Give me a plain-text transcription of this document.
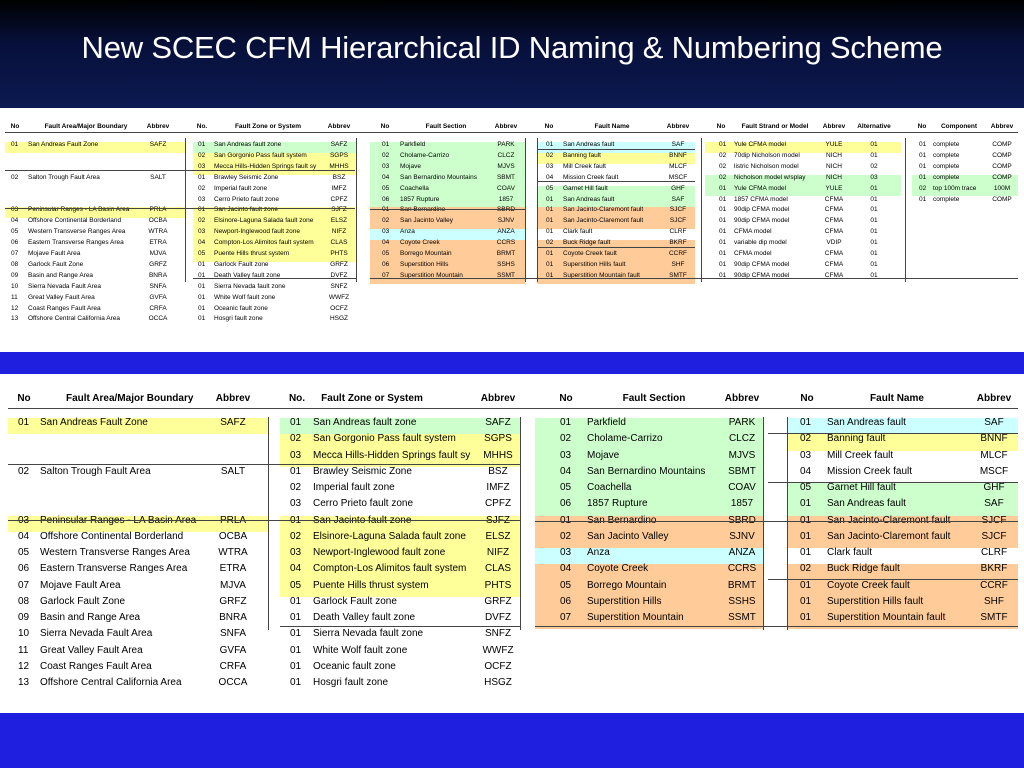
New SCEC CFM Hierarchical ID Naming & Numbering Scheme
No	Fault Area/Major Boundary	Abbrev
01 San Andreas Fault Zone	SAFZ
02 Salton Trough Fault Area	SALT
03 Peninsular Ranges - LA Basin Area	PRLA
04 Offshore Continental Borderland	OCBA
05 Western Transverse Ranges Area	WTRA
06 Eastern Transverse Ranges Area	ETRA
07 Mojave Fault Area	MJVA
08 Garlock Fault Zone	GRFZ
09 Basin and Range Area	BNRA
10 Sierra Nevada Fault Area	SNFA
11 Great Valley Fault Area	GVFA
12 Coast Ranges Fault Area	CRFA
13 Offshore Central California Area	OCCA
No.	Fault Zone or System	Abbrev
01 San Andreas fault zone	SAFZ
02 San Gorgonio Pass fault system	SGPS
03 Mecca Hills-Hidden Springs fault sy	MHHS
01 Brawley Seismic Zone	BSZ
02 Imperial fault zone	IMFZ
03 Cerro Prieto fault zone	CPFZ
01 San Jacinto fault zone	SJFZ
02 Elsinore-Laguna Salada fault zone	ELSZ
03 Newport-Inglewood fault zone	NIFZ
04 Compton-Los Alimitos fault system	CLAS
05 Puente Hills thrust system	PHTS
01 Garlock Fault zone	GRFZ
01 Death Valley fault zone	DVFZ
01 Sierra Nevada fault zone	SNFZ
01 White Wolf fault zone	WWFZ
01 Oceanic fault zone	OCFZ
01 Hosgri fault zone	HSGZ
No	Fault Section	Abbrev
01 Parkfield	PARK
02 Cholame-Carrizo	CLCZ
03 Mojave	MJVS
04 San Bernardino Mountains	SBMT
05 Coachella	COAV
06 1857 Rupture	1857
01 San Bernardino	SBRD
02 San Jacinto Valley	SJNV
03 Anza	ANZA
04 Coyote Creek	CCRS
05 Borrego Mountain	BRMT
06 Superstition Hills	SSHS
07 Superstition Mountain	SSMT
No	Fault Name	Abbrev
01 San Andreas fault	SAF
02 Banning fault	BNNF
03 Mill Creek fault	MLCF
04 Mission Creek fault	MSCF
05 Garnet Hill fault	GHF
01 San Andreas fault	SAF
01 San Jacinto-Claremont fault	SJCF
01 San Jacinto-Claremont fault	SJCF
01 Clark fault	CLRF
02 Buck Ridge fault	BKRF
01 Coyote Creek fault	CCRF
01 Superstition Hills fault	SHF
01 Superstition Mountain fault	SMTF
No	Fault Strand or Model	Abbrev	Alternative
01 Yule CFMA model	YULE	01
02 70dip Nicholson model	NICH	01
02 listric Nicholson model	NICH	02
02 Nicholson model w/splay	NICH	03
01 Yule CFMA model	YULE	01
01 1857 CFMA model	CFMA	01
01 90dip CFMA model	CFMA	01
01 90dip CFMA model	CFMA	01
01 CFMA model	CFMA	01
01 variable dip model	VDIP	01
01 CFMA model	CFMA	01
01 90dip CFMA model	CFMA	01
01 90dip CFMA model	CFMA	01
No	Component	Abbrev
01 complete	COMP
01 complete	COMP
01 complete	COMP
01 complete	COMP
02 top 100m trace	100M
01 complete	COMP
No	Fault Area/Major Boundary	Abbrev
01 San Andreas Fault Zone	SAFZ
02 Salton Trough Fault Area	SALT
03 Peninsular Ranges - LA Basin Area	PRLA
04 Offshore Continental Borderland	OCBA
05 Western Transverse Ranges Area	WTRA
06 Eastern Transverse Ranges Area	ETRA
07 Mojave Fault Area	MJVA
08 Garlock Fault Zone	GRFZ
09 Basin and Range Area	BNRA
10 Sierra Nevada Fault Area	SNFA
11 Great Valley Fault Area	GVFA
12 Coast Ranges Fault Area	CRFA
13 Offshore Central California Area	OCCA
No.	Fault Zone or System	Abbrev
01 San Andreas fault zone	SAFZ
02 San Gorgonio Pass fault system	SGPS
03 Mecca Hills-Hidden Springs fault sy	MHHS
01 Brawley Seismic Zone	BSZ
02 Imperial fault zone	IMFZ
03 Cerro Prieto fault zone	CPFZ
01 San Jacinto fault zone	SJFZ
02 Elsinore-Laguna Salada fault zone	ELSZ
03 Newport-Inglewood fault zone	NIFZ
04 Compton-Los Alimitos fault system	CLAS
05 Puente Hills thrust system	PHTS
01 Garlock Fault zone	GRFZ
01 Death Valley fault zone	DVFZ
01 Sierra Nevada fault zone	SNFZ
01 White Wolf fault zone	WWFZ
01 Oceanic fault zone	OCFZ
01 Hosgri fault zone	HSGZ
No	Fault Section	Abbrev
01 Parkfield	PARK
02 Cholame-Carrizo	CLCZ
03 Mojave	MJVS
04 San Bernardino Mountains	SBMT
05 Coachella	COAV
06 1857 Rupture	1857
01 San Bernardino	SBRD
02 San Jacinto Valley	SJNV
03 Anza	ANZA
04 Coyote Creek	CCRS
05 Borrego Mountain	BRMT
06 Superstition Hills	SSHS
07 Superstition Mountain	SSMT
No	Fault Name	Abbrev
01 San Andreas fault	SAF
02 Banning fault	BNNF
03 Mill Creek fault	MLCF
04 Mission Creek fault	MSCF
05 Garnet Hill fault	GHF
01 San Andreas fault	SAF
01 San Jacinto-Claremont fault	SJCF
01 San Jacinto-Claremont fault	SJCF
01 Clark fault	CLRF
02 Buck Ridge fault	BKRF
01 Coyote Creek fault	CCRF
01 Superstition Hills fault	SHF
01 Superstition Mountain fault	SMTF
